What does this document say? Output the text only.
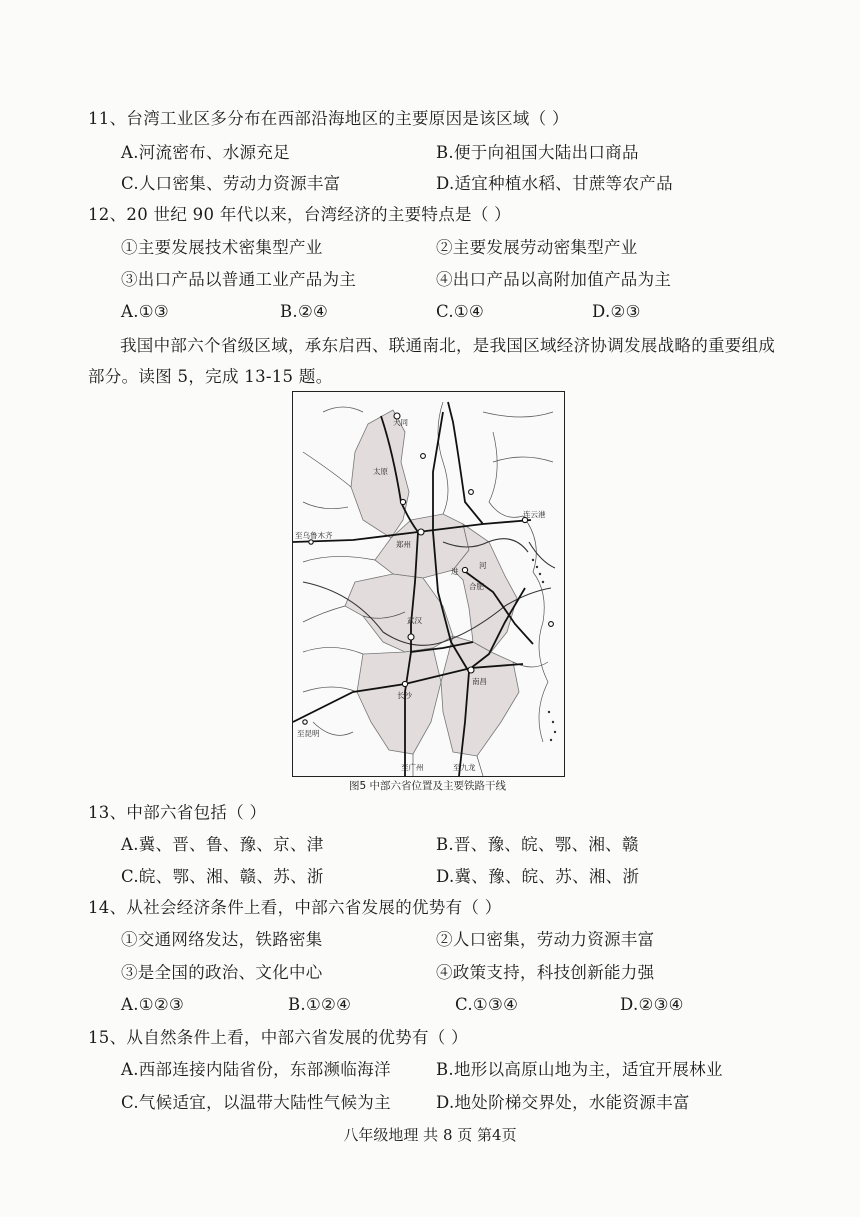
11、台湾工业区多分布在西部沿海地区的主要原因是该区域（ ）
A.河流密布、水源充足	B.便于向祖国大陆出口商品
C.人口密集、劳动力资源丰富	D.适宜种植水稻、甘蔗等农产品
12、20 世纪 90 年代以来，台湾经济的主要特点是（ ）
①主要发展技术密集型产业	②主要发展劳动密集型产业
③出口产品以普通工业产品为主	④出口产品以高附加值产品为主
A.①③	B.②④	C.①④	D.②③
我国中部六个省级区域，承东启西、联通南北，是我国区域经济协调发展战略的重要组成部分。读图 5，完成 13-15 题。
大同
太原
连云港
至乌鲁木齐
郑州
河
进
合肥
武汉
南昌
长沙
至昆明
至广州	至九龙
图5 中部六省位置及主要铁路干线
13、中部六省包括（ ）
A.冀、晋、鲁、豫、京、津	B.晋、豫、皖、鄂、湘、赣
C.皖、鄂、湘、赣、苏、浙	D.冀、豫、皖、苏、湘、浙
14、从社会经济条件上看，中部六省发展的优势有（ ）
①交通网络发达，铁路密集	②人口密集，劳动力资源丰富
③是全国的政治、文化中心	④政策支持，科技创新能力强
A.①②③	B.①②④	C.①③④	D.②③④
15、从自然条件上看，中部六省发展的优势有（ ）
A.西部连接内陆省份，东部濒临海洋	B.地形以高原山地为主，适宜开展林业
C.气候适宜，以温带大陆性气候为主	D.地处阶梯交界处，水能资源丰富
八年级地理 共 8 页 第4页
